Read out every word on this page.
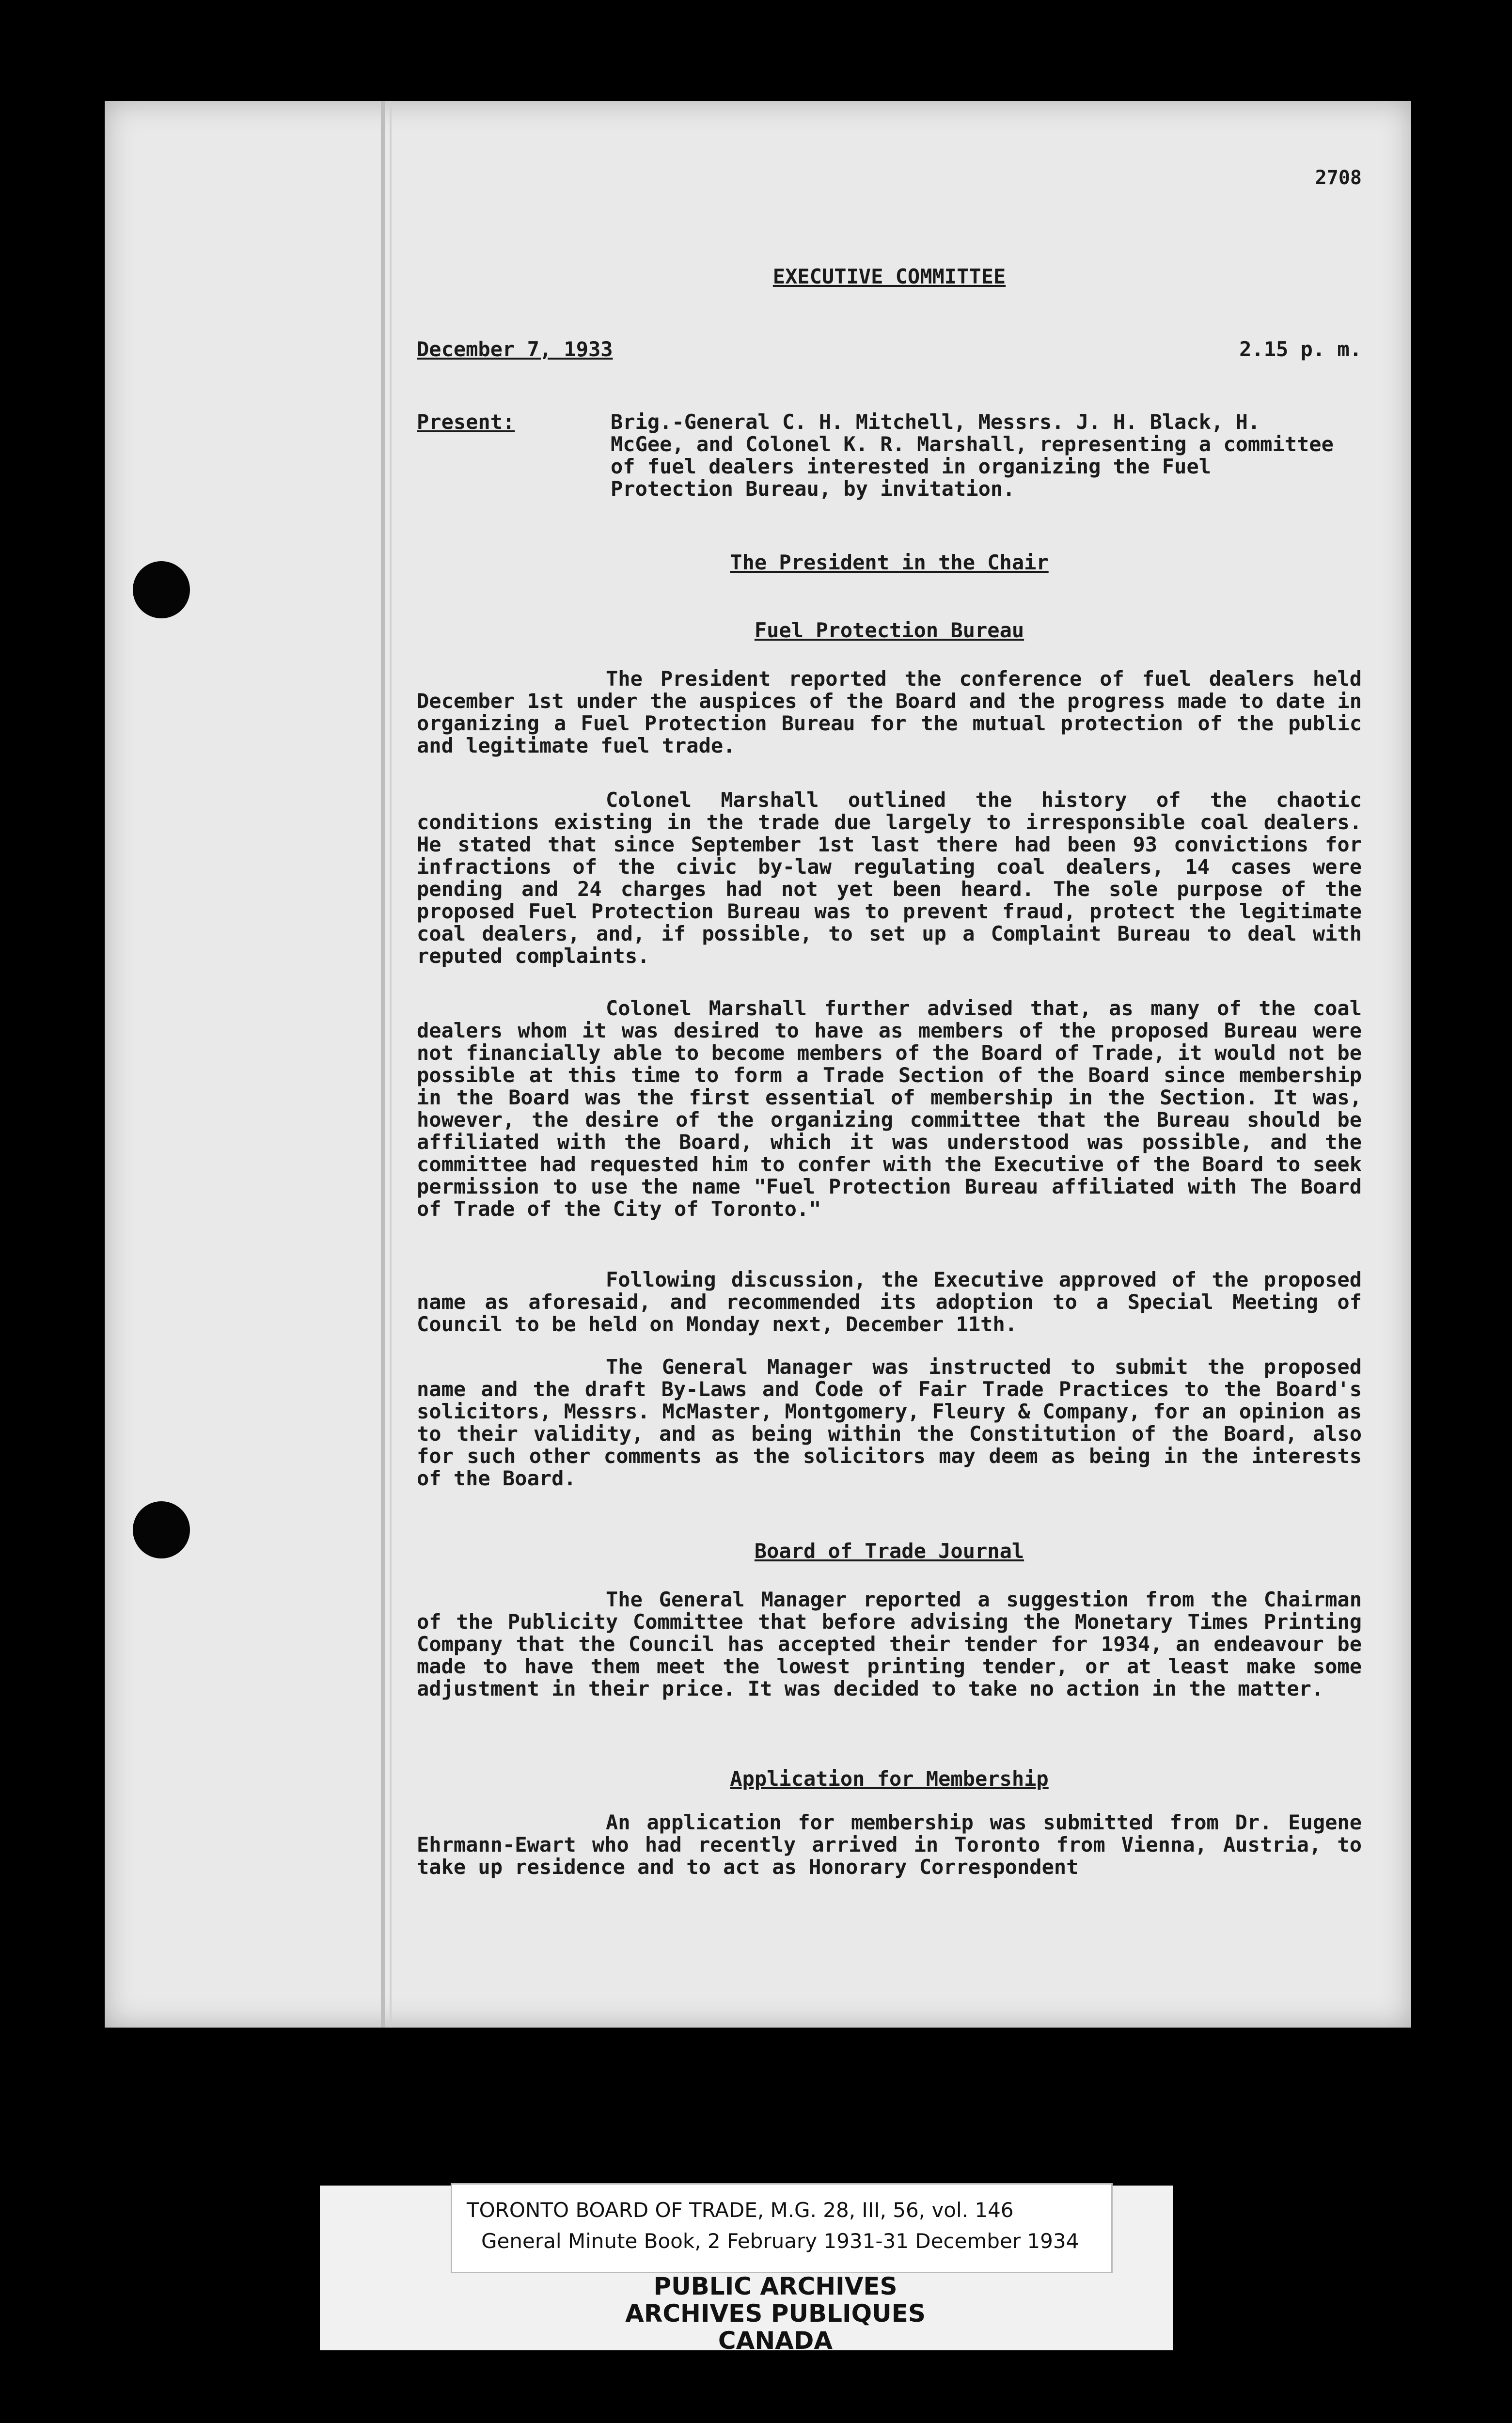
2708
EXECUTIVE COMMITTEE
December 7, 1933	2.15 p. m.
Present:	Brig.-General C. H. Mitchell, Messrs. J. H. Black, H. McGee, and Colonel K. R. Marshall, representing a committee of fuel dealers interested in organizing the Fuel Protection Bureau, by invitation.
The President in the Chair
Fuel Protection Bureau
The President reported the conference of fuel dealers held December 1st under the auspices of the Board and the progress made to date in organizing a Fuel Protection Bureau for the mutual protection of the public and legitimate fuel trade.
Colonel Marshall outlined the history of the chaotic conditions existing in the trade due largely to irresponsible coal dealers. He stated that since September 1st last there had been 93 convictions for infractions of the civic by-law regulating coal dealers, 14 cases were pending and 24 charges had not yet been heard. The sole purpose of the proposed Fuel Protection Bureau was to prevent fraud, protect the legitimate coal dealers, and, if possible, to set up a Complaint Bureau to deal with reputed complaints.
Colonel Marshall further advised that, as many of the coal dealers whom it was desired to have as members of the proposed Bureau were not financially able to become members of the Board of Trade, it would not be possible at this time to form a Trade Section of the Board since membership in the Board was the first essential of membership in the Section. It was, however, the desire of the organizing committee that the Bureau should be affiliated with the Board, which it was understood was possible, and the committee had requested him to confer with the Executive of the Board to seek permission to use the name "Fuel Protection Bureau affiliated with The Board of Trade of the City of Toronto."
Following discussion, the Executive approved of the proposed name as aforesaid, and recommended its adoption to a Special Meeting of Council to be held on Monday next, December 11th.
The General Manager was instructed to submit the proposed name and the draft By-Laws and Code of Fair Trade Practices to the Board's solicitors, Messrs. McMaster, Montgomery, Fleury & Company, for an opinion as to their validity, and as being within the Constitution of the Board, also for such other comments as the solicitors may deem as being in the interests of the Board.
Board of Trade Journal
The General Manager reported a suggestion from the Chairman of the Publicity Committee that before advising the Monetary Times Printing Company that the Council has accepted their tender for 1934, an endeavour be made to have them meet the lowest printing tender, or at least make some adjustment in their price. It was decided to take no action in the matter.
Application for Membership
An application for membership was submitted from Dr. Eugene Ehrmann-Ewart who had recently arrived in Toronto from Vienna, Austria, to take up residence and to act as Honorary Correspondent
TORONTO BOARD OF TRADE, M.G. 28, III, 56, vol. 146
General Minute Book, 2 February 1931-31 December 1934
PUBLIC ARCHIVES
ARCHIVES PUBLIQUES
CANADA
